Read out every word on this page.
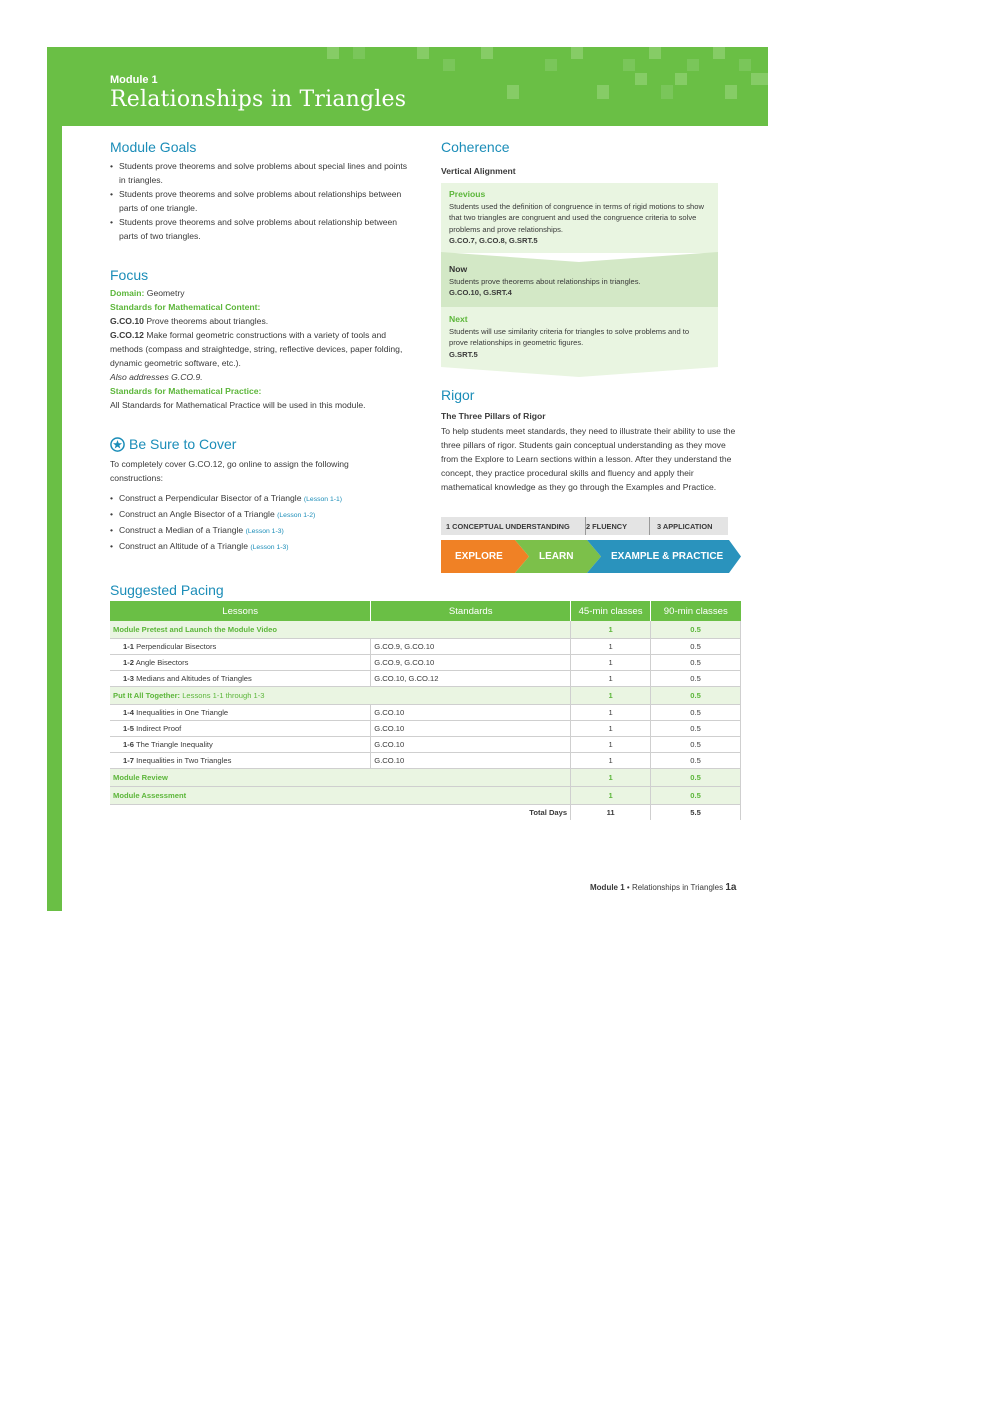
Module 1
Relationships in Triangles
Module Goals
• Students prove theorems and solve problems about special lines and points in triangles.
• Students prove theorems and solve problems about relationships between parts of one triangle.
• Students prove theorems and solve problems about relationship between parts of two triangles.
Focus
Domain: Geometry
Standards for Mathematical Content:
G.CO.10 Prove theorems about triangles.
G.CO.12 Make formal geometric constructions with a variety of tools and methods (compass and straightedge, string, reflective devices, paper folding, dynamic geometric software, etc.).
Also addresses G.CO.9.
Standards for Mathematical Practice:
All Standards for Mathematical Practice will be used in this module.
Be Sure to Cover
To completely cover G.CO.12, go online to assign the following constructions:
• Construct a Perpendicular Bisector of a Triangle (Lesson 1-1)
• Construct an Angle Bisector of a Triangle (Lesson 1-2)
• Construct a Median of a Triangle (Lesson 1-3)
• Construct an Altitude of a Triangle (Lesson 1-3)
Coherence
Vertical Alignment
Previous
Students used the definition of congruence in terms of rigid motions to show that two triangles are congruent and used the congruence criteria to solve problems and prove relationships.
G.CO.7, G.CO.8, G.SRT.5
Now
Students prove theorems about relationships in triangles.
G.CO.10, G.SRT.4
Next
Students will use similarity criteria for triangles to solve problems and to prove relationships in geometric figures.
G.SRT.5
Rigor
The Three Pillars of Rigor
To help students meet standards, they need to illustrate their ability to use the three pillars of rigor. Students gain conceptual understanding as they move from the Explore to Learn sections within a lesson. After they understand the concept, they practice procedural skills and fluency and apply their mathematical knowledge as they go through the Examples and Practice.
1 CONCEPTUAL UNDERSTANDING 2 FLUENCY	3 APPLICATION
EXPLORE	LEARN	EXAMPLE & PRACTICE
Suggested Pacing
Lessons	Standards	45-min classes	90-min classes
Module Pretest and Launch the Module Video		1	0.5
1-1 Perpendicular Bisectors	G.CO.9, G.CO.10	1	0.5
1-2 Angle Bisectors	G.CO.9, G.CO.10	1	0.5
1-3 Medians and Altitudes of Triangles	G.CO.10, G.CO.12	1	0.5
Put It All Together: Lessons 1-1 through 1-3		1	0.5
1-4 Inequalities in One Triangle	G.CO.10	1	0.5
1-5 Indirect Proof	G.CO.10	1	0.5
1-6 The Triangle Inequality	G.CO.10	1	0.5
1-7 Inequalities in Two Triangles	G.CO.10	1	0.5
Module Review		1	0.5
Module Assessment		1	0.5
	Total Days	11	5.5
Module 1 • Relationships in Triangles 1a
